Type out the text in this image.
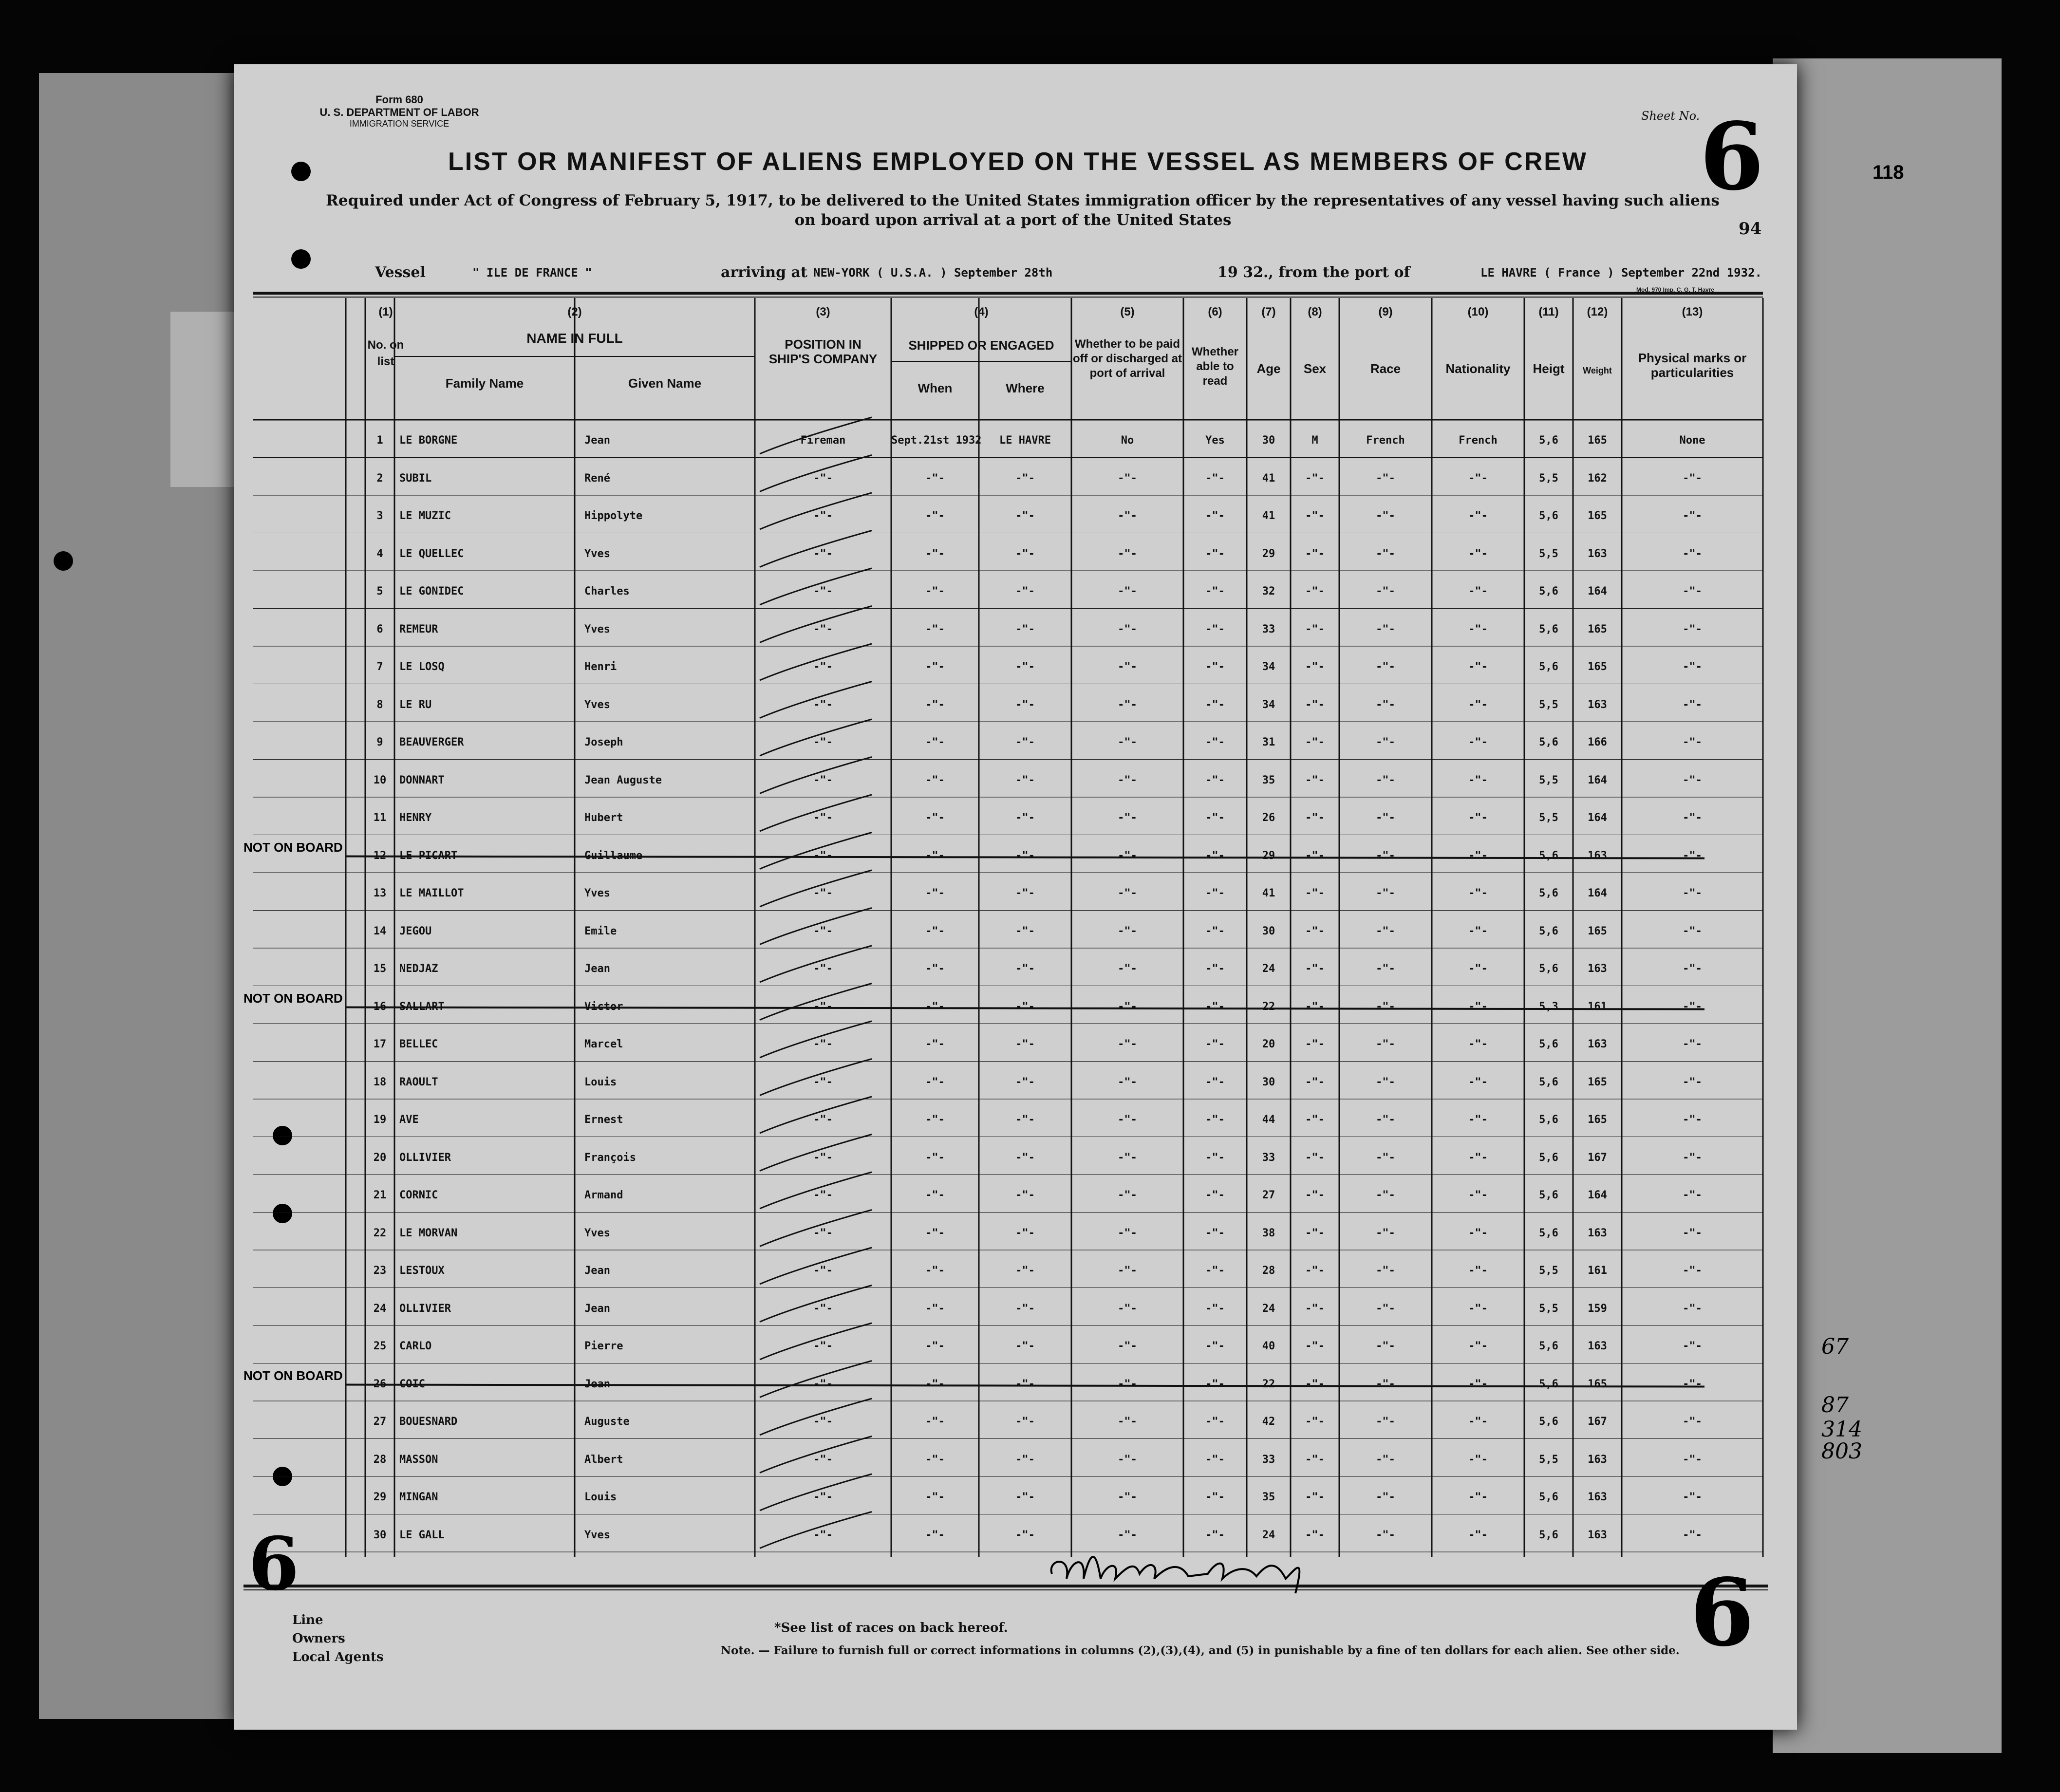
Form 680
U. S. DEPARTMENT OF LABOR
IMMIGRATION SERVICE
Sheet No. 6	118
LIST OR MANIFEST OF ALIENS EMPLOYED ON THE VESSEL AS MEMBERS OF CREW
Required under Act of Congress of February 5, 1917, to be delivered to the United States immigration officer by the representatives of any vessel having such aliens
on board upon arrival at a port of the United States	94
Vessel	" ILE DE FRANCE "	arriving at NEW-YORK ( U.S.A. ) September 28th	19 32., from the port of	LE HAVRE ( France ) September 22nd 1932.
Mod. 970 Imp. C. G. T. Havre
(1)
No. on list
(2)
NAME IN FULL
Family Name	Given Name
(3)
POSITION IN SHIP'S COMPANY
(4)
SHIPPED OR ENGAGED
When	Where
(5)
Whether to be paid off or discharged at port of arrival
(6)
Whether able to read
(7)
Age
(8)
Sex
(9)
Race
(10)
Nationality
(11)
Heigt
(12)
Weight
(13)
Physical marks or particularities
1	LE BORGNE	Jean	Fireman	Sept.21st 1932	LE HAVRE	No	Yes	30	M	French	French	5,6	165	None
2	SUBIL	René	-"-	-"-	-"-	-"-	-"-	41	-"-	-"-	-"-	5,5	162	-"-
3	LE MUZIC	Hippolyte	-"-	-"-	-"-	-"-	-"-	41	-"-	-"-	-"-	5,6	165	-"-
4	LE QUELLEC	Yves	-"-	-"-	-"-	-"-	-"-	29	-"-	-"-	-"-	5,5	163	-"-
5	LE GONIDEC	Charles	-"-	-"-	-"-	-"-	-"-	32	-"-	-"-	-"-	5,6	164	-"-
6	REMEUR	Yves	-"-	-"-	-"-	-"-	-"-	33	-"-	-"-	-"-	5,6	165	-"-
7	LE LOSQ	Henri	-"-	-"-	-"-	-"-	-"-	34	-"-	-"-	-"-	5,6	165	-"-
8	LE RU	Yves	-"-	-"-	-"-	-"-	-"-	34	-"-	-"-	-"-	5,5	163	-"-
9	BEAUVERGER	Joseph	-"-	-"-	-"-	-"-	-"-	31	-"-	-"-	-"-	5,6	166	-"-
10	DONNART	Jean Auguste	-"-	-"-	-"-	-"-	-"-	35	-"-	-"-	-"-	5,5	164	-"-
11	HENRY	Hubert	-"-	-"-	-"-	-"-	-"-	26	-"-	-"-	-"-	5,5	164	-"-
12	LE PICART	Guillaume	-"-	-"-	-"-	-"-	-"-	29	-"-	-"-	-"-	5,6	163	-"-
13	LE MAILLOT	Yves	-"-	-"-	-"-	-"-	-"-	41	-"-	-"-	-"-	5,6	164	-"-
14	JEGOU	Emile	-"-	-"-	-"-	-"-	-"-	30	-"-	-"-	-"-	5,6	165	-"-
15	NEDJAZ	Jean	-"-	-"-	-"-	-"-	-"-	24	-"-	-"-	-"-	5,6	163	-"-
16	SALLART	Victor	-"-	-"-	-"-	-"-	-"-	22	-"-	-"-	-"-	5,3	161	-"-
17	BELLEC	Marcel	-"-	-"-	-"-	-"-	-"-	20	-"-	-"-	-"-	5,6	163	-"-
18	RAOULT	Louis	-"-	-"-	-"-	-"-	-"-	30	-"-	-"-	-"-	5,6	165	-"-
19	AVE	Ernest	-"-	-"-	-"-	-"-	-"-	44	-"-	-"-	-"-	5,6	165	-"-
20	OLLIVIER	François	-"-	-"-	-"-	-"-	-"-	33	-"-	-"-	-"-	5,6	167	-"-
21	CORNIC	Armand	-"-	-"-	-"-	-"-	-"-	27	-"-	-"-	-"-	5,6	164	-"-
22	LE MORVAN	Yves	-"-	-"-	-"-	-"-	-"-	38	-"-	-"-	-"-	5,6	163	-"-
23	LESTOUX	Jean	-"-	-"-	-"-	-"-	-"-	28	-"-	-"-	-"-	5,5	161	-"-
24	OLLIVIER	Jean	-"-	-"-	-"-	-"-	-"-	24	-"-	-"-	-"-	5,5	159	-"-
25	CARLO	Pierre	-"-	-"-	-"-	-"-	-"-	40	-"-	-"-	-"-	5,6	163	-"-
26	COIC	Jean	-"-	-"-	-"-	-"-	-"-	22	-"-	-"-	-"-	5,6	165	-"-
27	BOUESNARD	Auguste	-"-	-"-	-"-	-"-	-"-	42	-"-	-"-	-"-	5,6	167	-"-
28	MASSON	Albert	-"-	-"-	-"-	-"-	-"-	33	-"-	-"-	-"-	5,5	163	-"-
29	MINGAN	Louis	-"-	-"-	-"-	-"-	-"-	35	-"-	-"-	-"-	5,6	163	-"-
30	LE GALL	Yves	-"-	-"-	-"-	-"-	-"-	24	-"-	-"-	-"-	5,6	163	-"-
6	6
Line
Owners
Local Agents
*See list of races on back hereof.
Note. — Failure to furnish full or correct informations in columns (2),(3),(4), and (5) in punishable by a fine of ten dollars for each alien. See other side.
NOT ON BOARD
NOT ON BOARD
NOT ON BOARD
67
87
314
803
